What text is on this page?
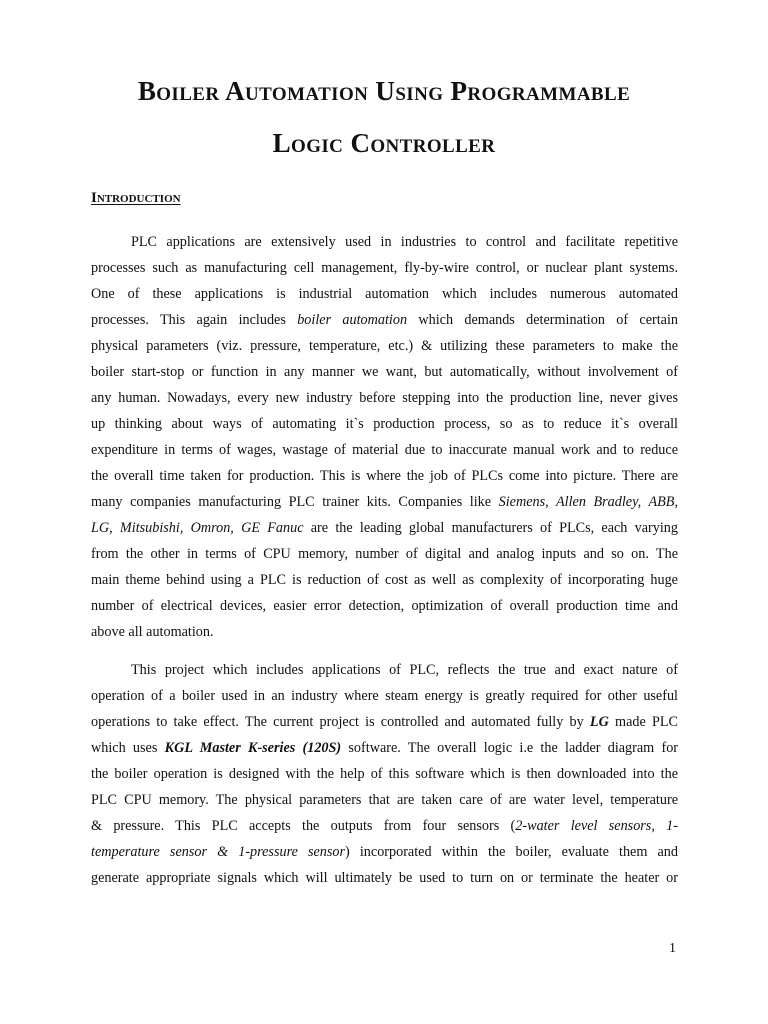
Boiler Automation Using Programmable
Logic Controller
Introduction
PLC applications are extensively used in industries to control and facilitate repetitive
processes such as manufacturing cell management, fly-by-wire control, or nuclear plant systems.
One of these applications is industrial automation which includes numerous automated
processes. This again includes boiler automation which demands determination of certain
physical parameters (viz. pressure, temperature, etc.) & utilizing these parameters to make the
boiler start-stop or function in any manner we want, but automatically, without involvement of
any human. Nowadays, every new industry before stepping into the production line, never gives
up thinking about ways of automating it`s production process, so as to reduce it`s overall
expenditure in terms of wages, wastage of material due to inaccurate manual work and to reduce
the overall time taken for production. This is where the job of PLCs come into picture. There are
many companies manufacturing PLC trainer kits. Companies like Siemens, Allen Bradley, ABB,
LG, Mitsubishi, Omron, GE Fanuc are the leading global manufacturers of PLCs, each varying
from the other in terms of CPU memory, number of digital and analog inputs and so on. The
main theme behind using a PLC is reduction of cost as well as complexity of incorporating huge
number of electrical devices, easier error detection, optimization of overall production time and
above all automation.
This project which includes applications of PLC, reflects the true and exact nature of
operation of a boiler used in an industry where steam energy is greatly required for other useful
operations to take effect. The current project is controlled and automated fully by LG made PLC
which uses KGL Master K-series (120S) software. The overall logic i.e the ladder diagram for
the boiler operation is designed with the help of this software which is then downloaded into the
PLC CPU memory. The physical parameters that are taken care of are water level, temperature
& pressure. This PLC accepts the outputs from four sensors (2-water level sensors, 1-
temperature sensor & 1-pressure sensor) incorporated within the boiler, evaluate them and
generate appropriate signals which will ultimately be used to turn on or terminate the heater or

1
